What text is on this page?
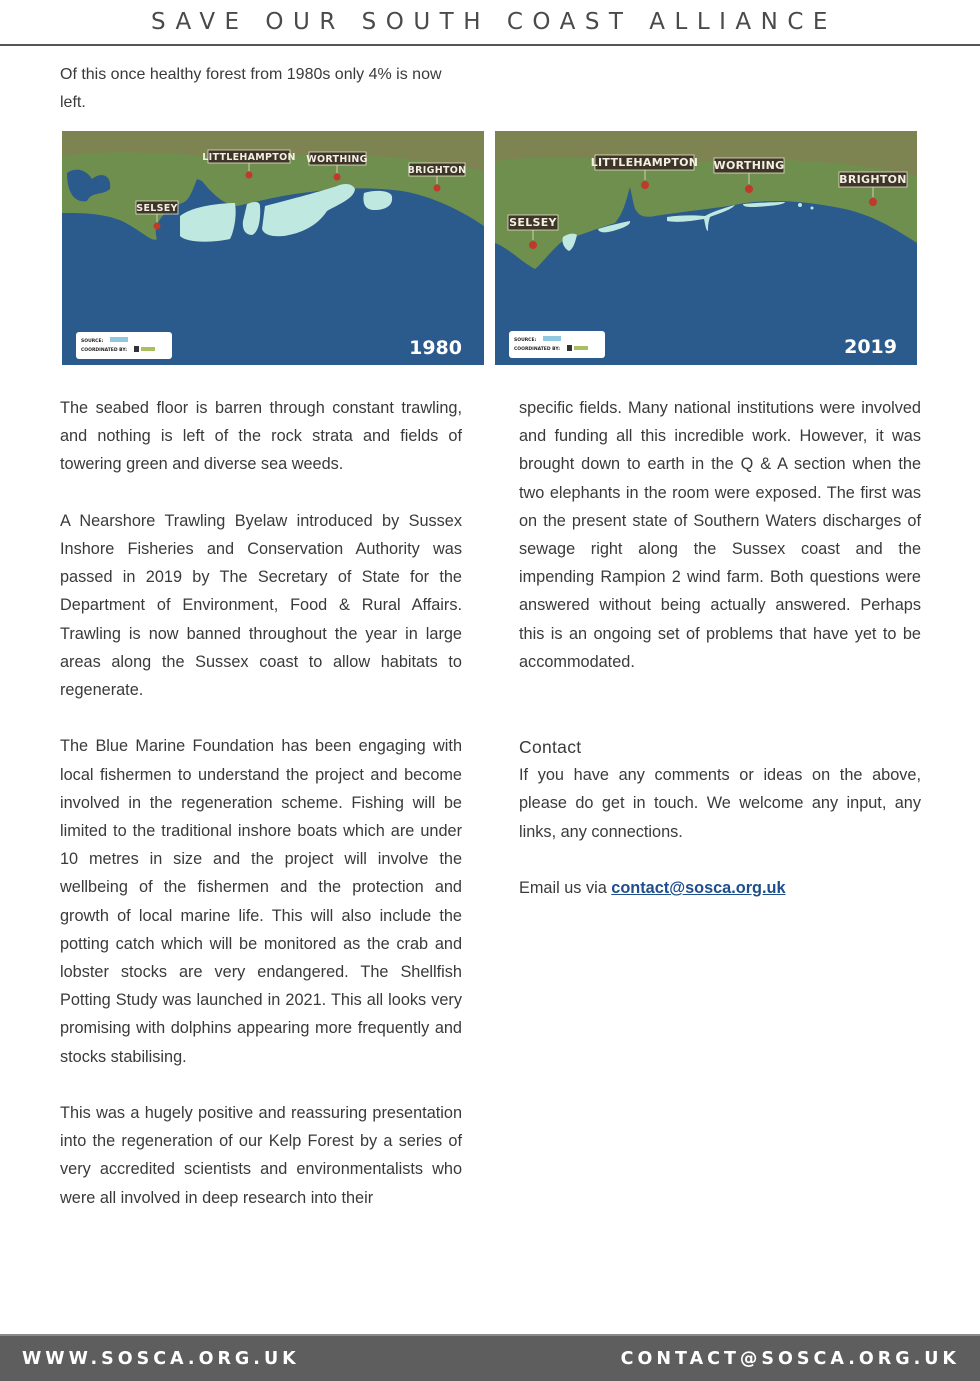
SAVE OUR SOUTH COAST ALLIANCE

Of this once healthy forest from 1980s only 4% is now left.

LITTLEHAMPTON WORTHING
BRIGHTON
SELSEY
SOURCE:
COORDINATED BY:	1980
LITTLEHAMPTON WORTHING
BRIGHTON
SELSEY
SOURCE:
COORDINATED BY:	2019

The seabed floor is barren through constant trawling, and nothing is left of the rock strata and fields of towering green and diverse sea weeds.

A Nearshore Trawling Byelaw introduced by Sussex Inshore Fisheries and Conservation Authority was passed in 2019 by The Secretary of State for the Department of Environment, Food & Rural Affairs. Trawling is now banned throughout the year in large areas along the Sussex coast to allow habitats to regenerate.

The Blue Marine Foundation has been engaging with local fishermen to understand the project and become involved in the regeneration scheme. Fishing will be limited to the traditional inshore boats which are under 10 metres in size and the project will involve the wellbeing of the fishermen and the protection and growth of local marine life. This will also include the potting catch which will be monitored as the crab and lobster stocks are very endangered. The Shellfish Potting Study was launched in 2021. This all looks very promising with dolphins appearing more frequently and stocks stabilising.

This was a hugely positive and reassuring presentation into the regeneration of our Kelp Forest by a series of very accredited scientists and environmentalists who were all involved in deep research into their

specific fields. Many national institutions were involved and funding all this incredible work. However, it was brought down to earth in the Q & A section when the two elephants in the room were exposed. The first was on the present state of Southern Waters discharges of sewage right along the Sussex coast and the impending Rampion 2 wind farm. Both questions were answered without being actually answered. Perhaps this is an ongoing set of problems that have yet to be accommodated.

Contact

If you have any comments or ideas on the above, please do get in touch. We welcome any input, any links, any connections.

Email us via contact@sosca.org.uk

WWW.SOSCA.ORG.UK	CONTACT@SOSCA.ORG.UK
